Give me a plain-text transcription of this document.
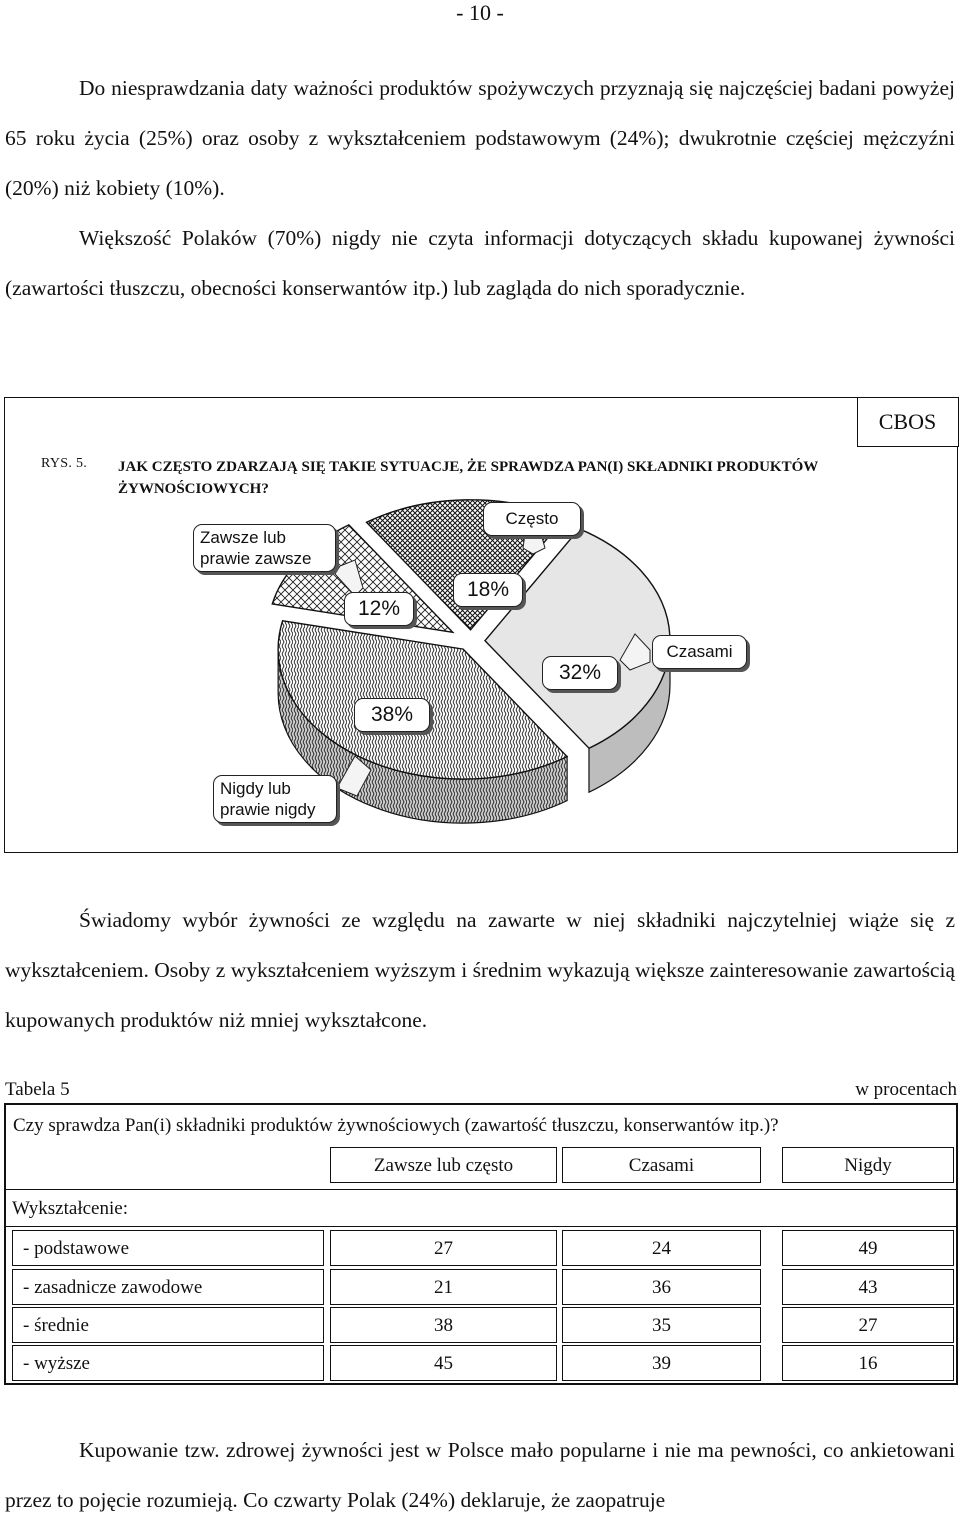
- 10 -

Do niesprawdzania daty ważności produktów spożywczych przyznają się najczęściej badani powyżej 65 roku życia (25%) oraz osoby z wykształceniem podstawowym (24%); dwukrotnie częściej mężczyźni (20%) niż kobiety (10%).

Większość Polaków (70%) nigdy nie czyta informacji dotyczących składu kupowanej żywności (zawartości tłuszczu, obecności konserwantów itp.) lub zagląda do nich sporadycznie.

CBOS
RYS. 5. JAK CZĘSTO ZDARZAJĄ SIĘ TAKIE SYTUACJE, ŻE SPRAWDZA PAN(I) SKŁADNIKI PRODUKTÓW ŻYWNOŚCIOWYCH?
Zawsze lub
prawie zawsze
Często
Czasami
Nigdy lub
prawie nigdy
12%
18%
32%
38%

Świadomy wybór żywności ze względu na zawarte w niej składniki najczytelniej wiąże się z wykształceniem. Osoby z wykształceniem wyższym i średnim wykazują większe zainteresowanie zawartością kupowanych produktów niż mniej wykształcone.

Tabela 5	w procentach
Czy sprawdza Pan(i) składniki produktów żywnościowych (zawartość tłuszczu, konserwantów itp.)?
Zawsze lub często	Czasami	Nigdy
Wykształcenie:
- podstawowe	27	24	49
- zasadnicze zawodowe	21	36	43
- średnie	38	35	27
- wyższe	45	39	16

Kupowanie tzw. zdrowej żywności jest w Polsce mało popularne i nie ma pewności, co ankietowani przez to pojęcie rozumieją. Co czwarty Polak (24%) deklaruje, że zaopatruje
